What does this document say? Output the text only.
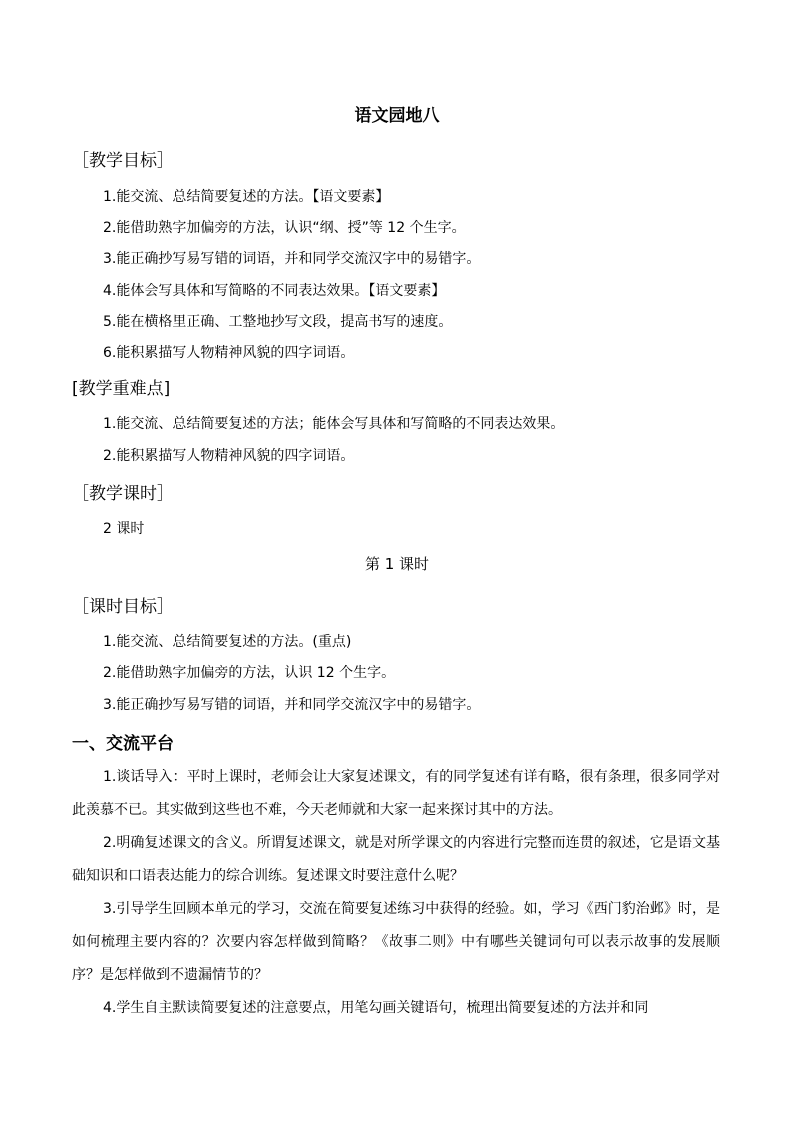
语文园地八
［教学目标］
1.能交流、总结简要复述的方法。【语文要素】
2.能借助熟字加偏旁的方法，认识“纲、授”等 12 个生字。
3.能正确抄写易写错的词语，并和同学交流汉字中的易错字。
4.能体会写具体和写简略的不同表达效果。【语文要素】
5.能在横格里正确、工整地抄写文段，提高书写的速度。
6.能积累描写人物精神风貌的四字词语。
[教学重难点]
1.能交流、总结简要复述的方法；能体会写具体和写简略的不同表达效果。
2.能积累描写人物精神风貌的四字词语。
［教学课时］
2 课时
第 1 课时
［课时目标］
1.能交流、总结简要复述的方法。(重点)
2.能借助熟字加偏旁的方法，认识 12 个生字。
3.能正确抄写易写错的词语，并和同学交流汉字中的易错字。
一、交流平台
1.谈话导入：平时上课时，老师会让大家复述课文，有的同学复述有详有略，很有条理，很多同学对此羡慕不已。其实做到这些也不难，今天老师就和大家一起来探讨其中的方法。
2.明确复述课文的含义。所谓复述课文，就是对所学课文的内容进行完整而连贯的叙述，它是语文基础知识和口语表达能力的综合训练。复述课文时要注意什么呢？
3.引导学生回顾本单元的学习，交流在简要复述练习中获得的经验。如，学习《西门豹治邺》时，是如何梳理主要内容的？次要内容怎样做到简略？《故事二则》中有哪些关键词句可以表示故事的发展顺序？是怎样做到不遗漏情节的？
4.学生自主默读简要复述的注意要点，用笔勾画关键语句，梳理出简要复述的方法并和同
